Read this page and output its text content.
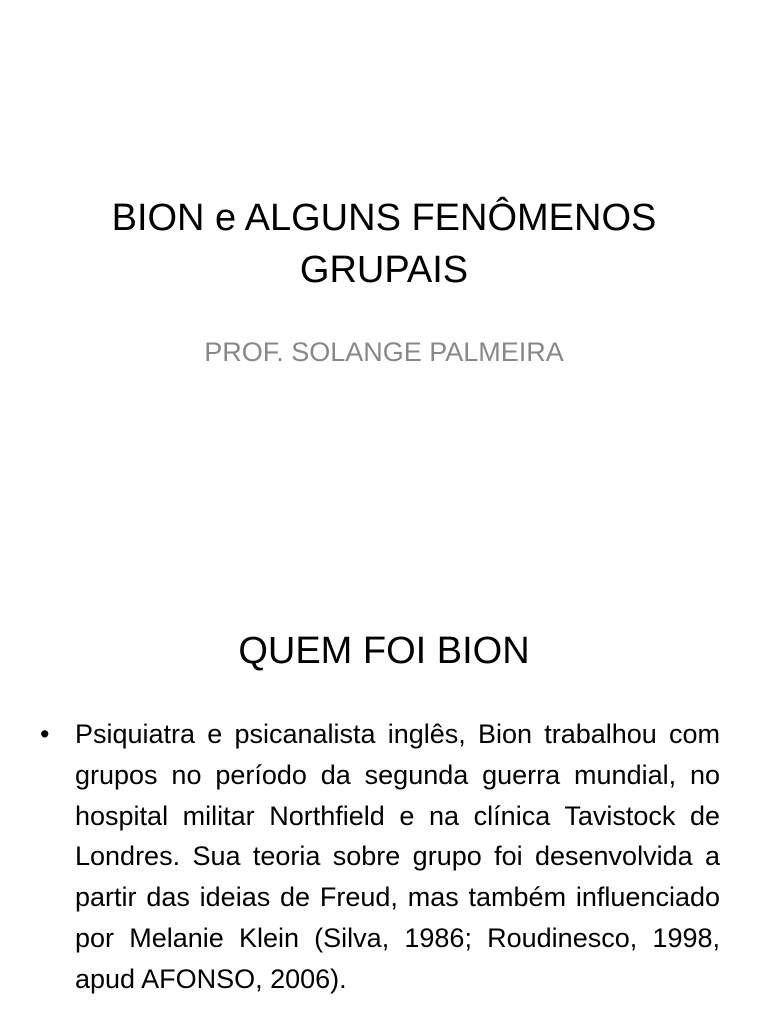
BION e ALGUNS FENÔMENOS GRUPAIS
PROF. SOLANGE PALMEIRA
QUEM FOI BION
• Psiquiatra e psicanalista inglês, Bion trabalhou com grupos no período da segunda guerra mundial, no hospital militar Northfield e na clínica Tavistock de Londres. Sua teoria sobre grupo foi desenvolvida a partir das ideias de Freud, mas também influenciado por Melanie Klein (Silva, 1986; Roudinesco, 1998, apud AFONSO, 2006).
